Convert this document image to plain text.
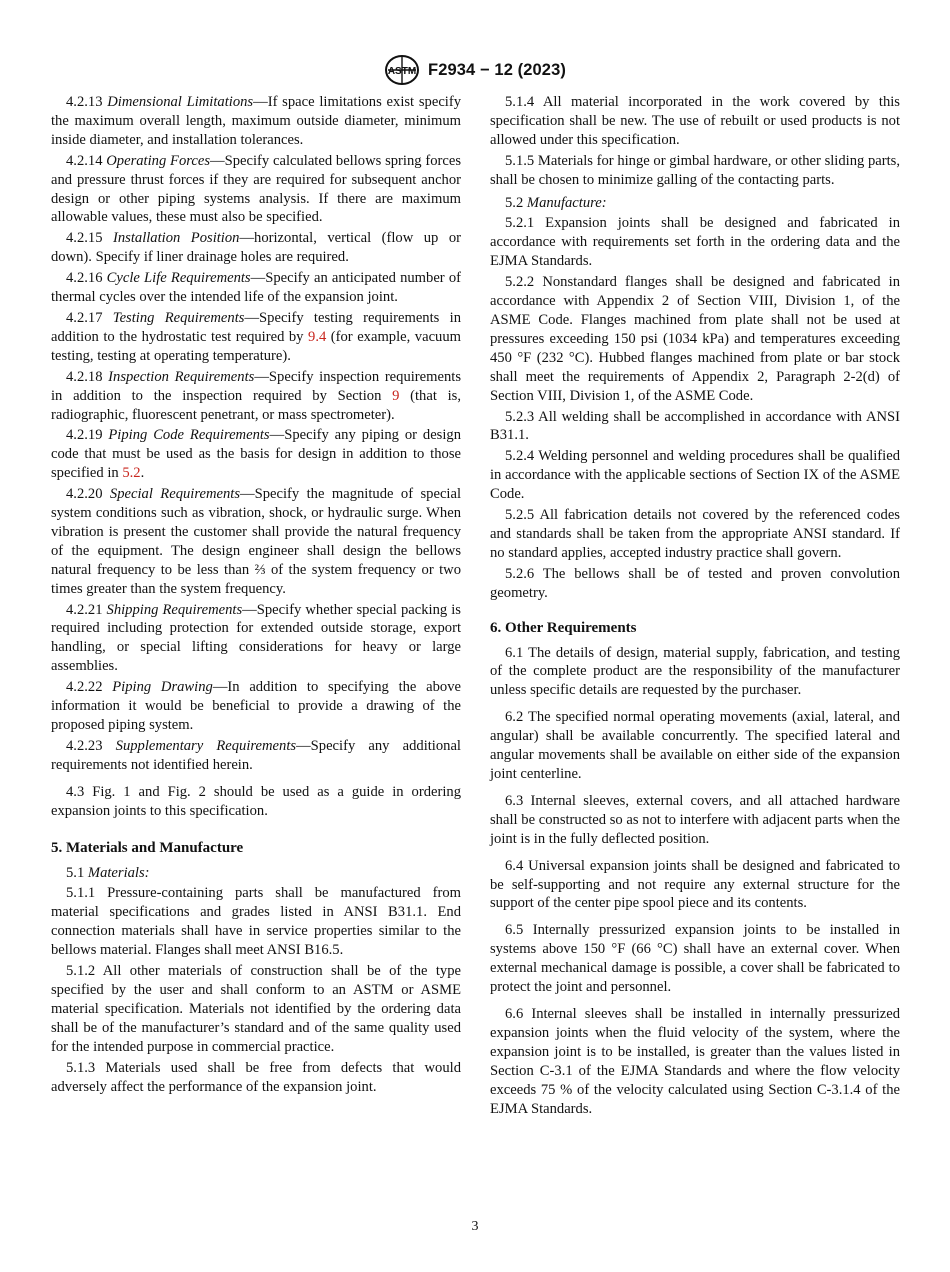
ASTM F2934 − 12 (2023)

4.2.13 Dimensional Limitations—If space limitations exist specify the maximum overall length, maximum outside diameter, minimum inside diameter, and installation tolerances.

4.2.14 Operating Forces—Specify calculated bellows spring forces and pressure thrust forces if they are required for subsequent anchor design or other piping systems analysis. If there are maximum allowable values, these must also be specified.

4.2.15 Installation Position—horizontal, vertical (flow up or down). Specify if liner drainage holes are required.

4.2.16 Cycle Life Requirements—Specify an anticipated number of thermal cycles over the intended life of the expansion joint.

4.2.17 Testing Requirements—Specify testing requirements in addition to the hydrostatic test required by 9.4 (for example, vacuum testing, testing at operating temperature).

4.2.18 Inspection Requirements—Specify inspection requirements in addition to the inspection required by Section 9 (that is, radiographic, fluorescent penetrant, or mass spectrometer).

4.2.19 Piping Code Requirements—Specify any piping or design code that must be used as the basis for design in addition to those specified in 5.2.

4.2.20 Special Requirements—Specify the magnitude of special system conditions such as vibration, shock, or hydraulic surge. When vibration is present the customer shall provide the natural frequency of the equipment. The design engineer shall design the bellows natural frequency to be less than ⅔ of the system frequency or two times greater than the system frequency.

4.2.21 Shipping Requirements—Specify whether special packing is required including protection for extended outside storage, export handling, or special lifting considerations for heavy or large assemblies.

4.2.22 Piping Drawing—In addition to specifying the above information it would be beneficial to provide a drawing of the proposed piping system.

4.2.23 Supplementary Requirements—Specify any additional requirements not identified herein.

4.3 Fig. 1 and Fig. 2 should be used as a guide in ordering expansion joints to this specification.

5. Materials and Manufacture

5.1 Materials:

5.1.1 Pressure-containing parts shall be manufactured from material specifications and grades listed in ANSI B31.1. End connection materials shall have in service properties similar to the bellows material. Flanges shall meet ANSI B16.5.

5.1.2 All other materials of construction shall be of the type specified by the user and shall conform to an ASTM or ASME material specification. Materials not identified by the ordering data shall be of the manufacturer’s standard and of the same quality used for the intended purpose in commercial practice.

5.1.3 Materials used shall be free from defects that would adversely affect the performance of the expansion joint.

5.1.4 All material incorporated in the work covered by this specification shall be new. The use of rebuilt or used products is not allowed under this specification.

5.1.5 Materials for hinge or gimbal hardware, or other sliding parts, shall be chosen to minimize galling of the contacting parts.

5.2 Manufacture:

5.2.1 Expansion joints shall be designed and fabricated in accordance with requirements set forth in the ordering data and the EJMA Standards.

5.2.2 Nonstandard flanges shall be designed and fabricated in accordance with Appendix 2 of Section VIII, Division 1, of the ASME Code. Flanges machined from plate shall not be used at pressures exceeding 150 psi (1034 kPa) and temperatures exceeding 450 °F (232 °C). Hubbed flanges machined from plate or bar stock shall meet the requirements of Appendix 2, Paragraph 2-2(d) of Section VIII, Division 1, of the ASME Code.

5.2.3 All welding shall be accomplished in accordance with ANSI B31.1.

5.2.4 Welding personnel and welding procedures shall be qualified in accordance with the applicable sections of Section IX of the ASME Code.

5.2.5 All fabrication details not covered by the referenced codes and standards shall be taken from the appropriate ANSI standard. If no standard applies, accepted industry practice shall govern.

5.2.6 The bellows shall be of tested and proven convolution geometry.

6. Other Requirements

6.1 The details of design, material supply, fabrication, and testing of the complete product are the responsibility of the manufacturer unless specific details are requested by the purchaser.

6.2 The specified normal operating movements (axial, lateral, and angular) shall be available concurrently. The specified lateral and angular movements shall be available on either side of the expansion joint centerline.

6.3 Internal sleeves, external covers, and all attached hardware shall be constructed so as not to interfere with adjacent parts when the joint is in the fully deflected position.

6.4 Universal expansion joints shall be designed and fabricated to be self-supporting and not require any external structure for the support of the center pipe spool piece and its contents.

6.5 Internally pressurized expansion joints to be installed in systems above 150 °F (66 °C) shall have an external cover. When external mechanical damage is possible, a cover shall be fabricated to protect the joint and personnel.

6.6 Internal sleeves shall be installed in internally pressurized expansion joints when the fluid velocity of the system, where the expansion joint is to be installed, is greater than the values listed in Section C-3.1 of the EJMA Standards and where the flow velocity exceeds 75 % of the velocity calculated using Section C-3.1.4 of the EJMA Standards.

3
